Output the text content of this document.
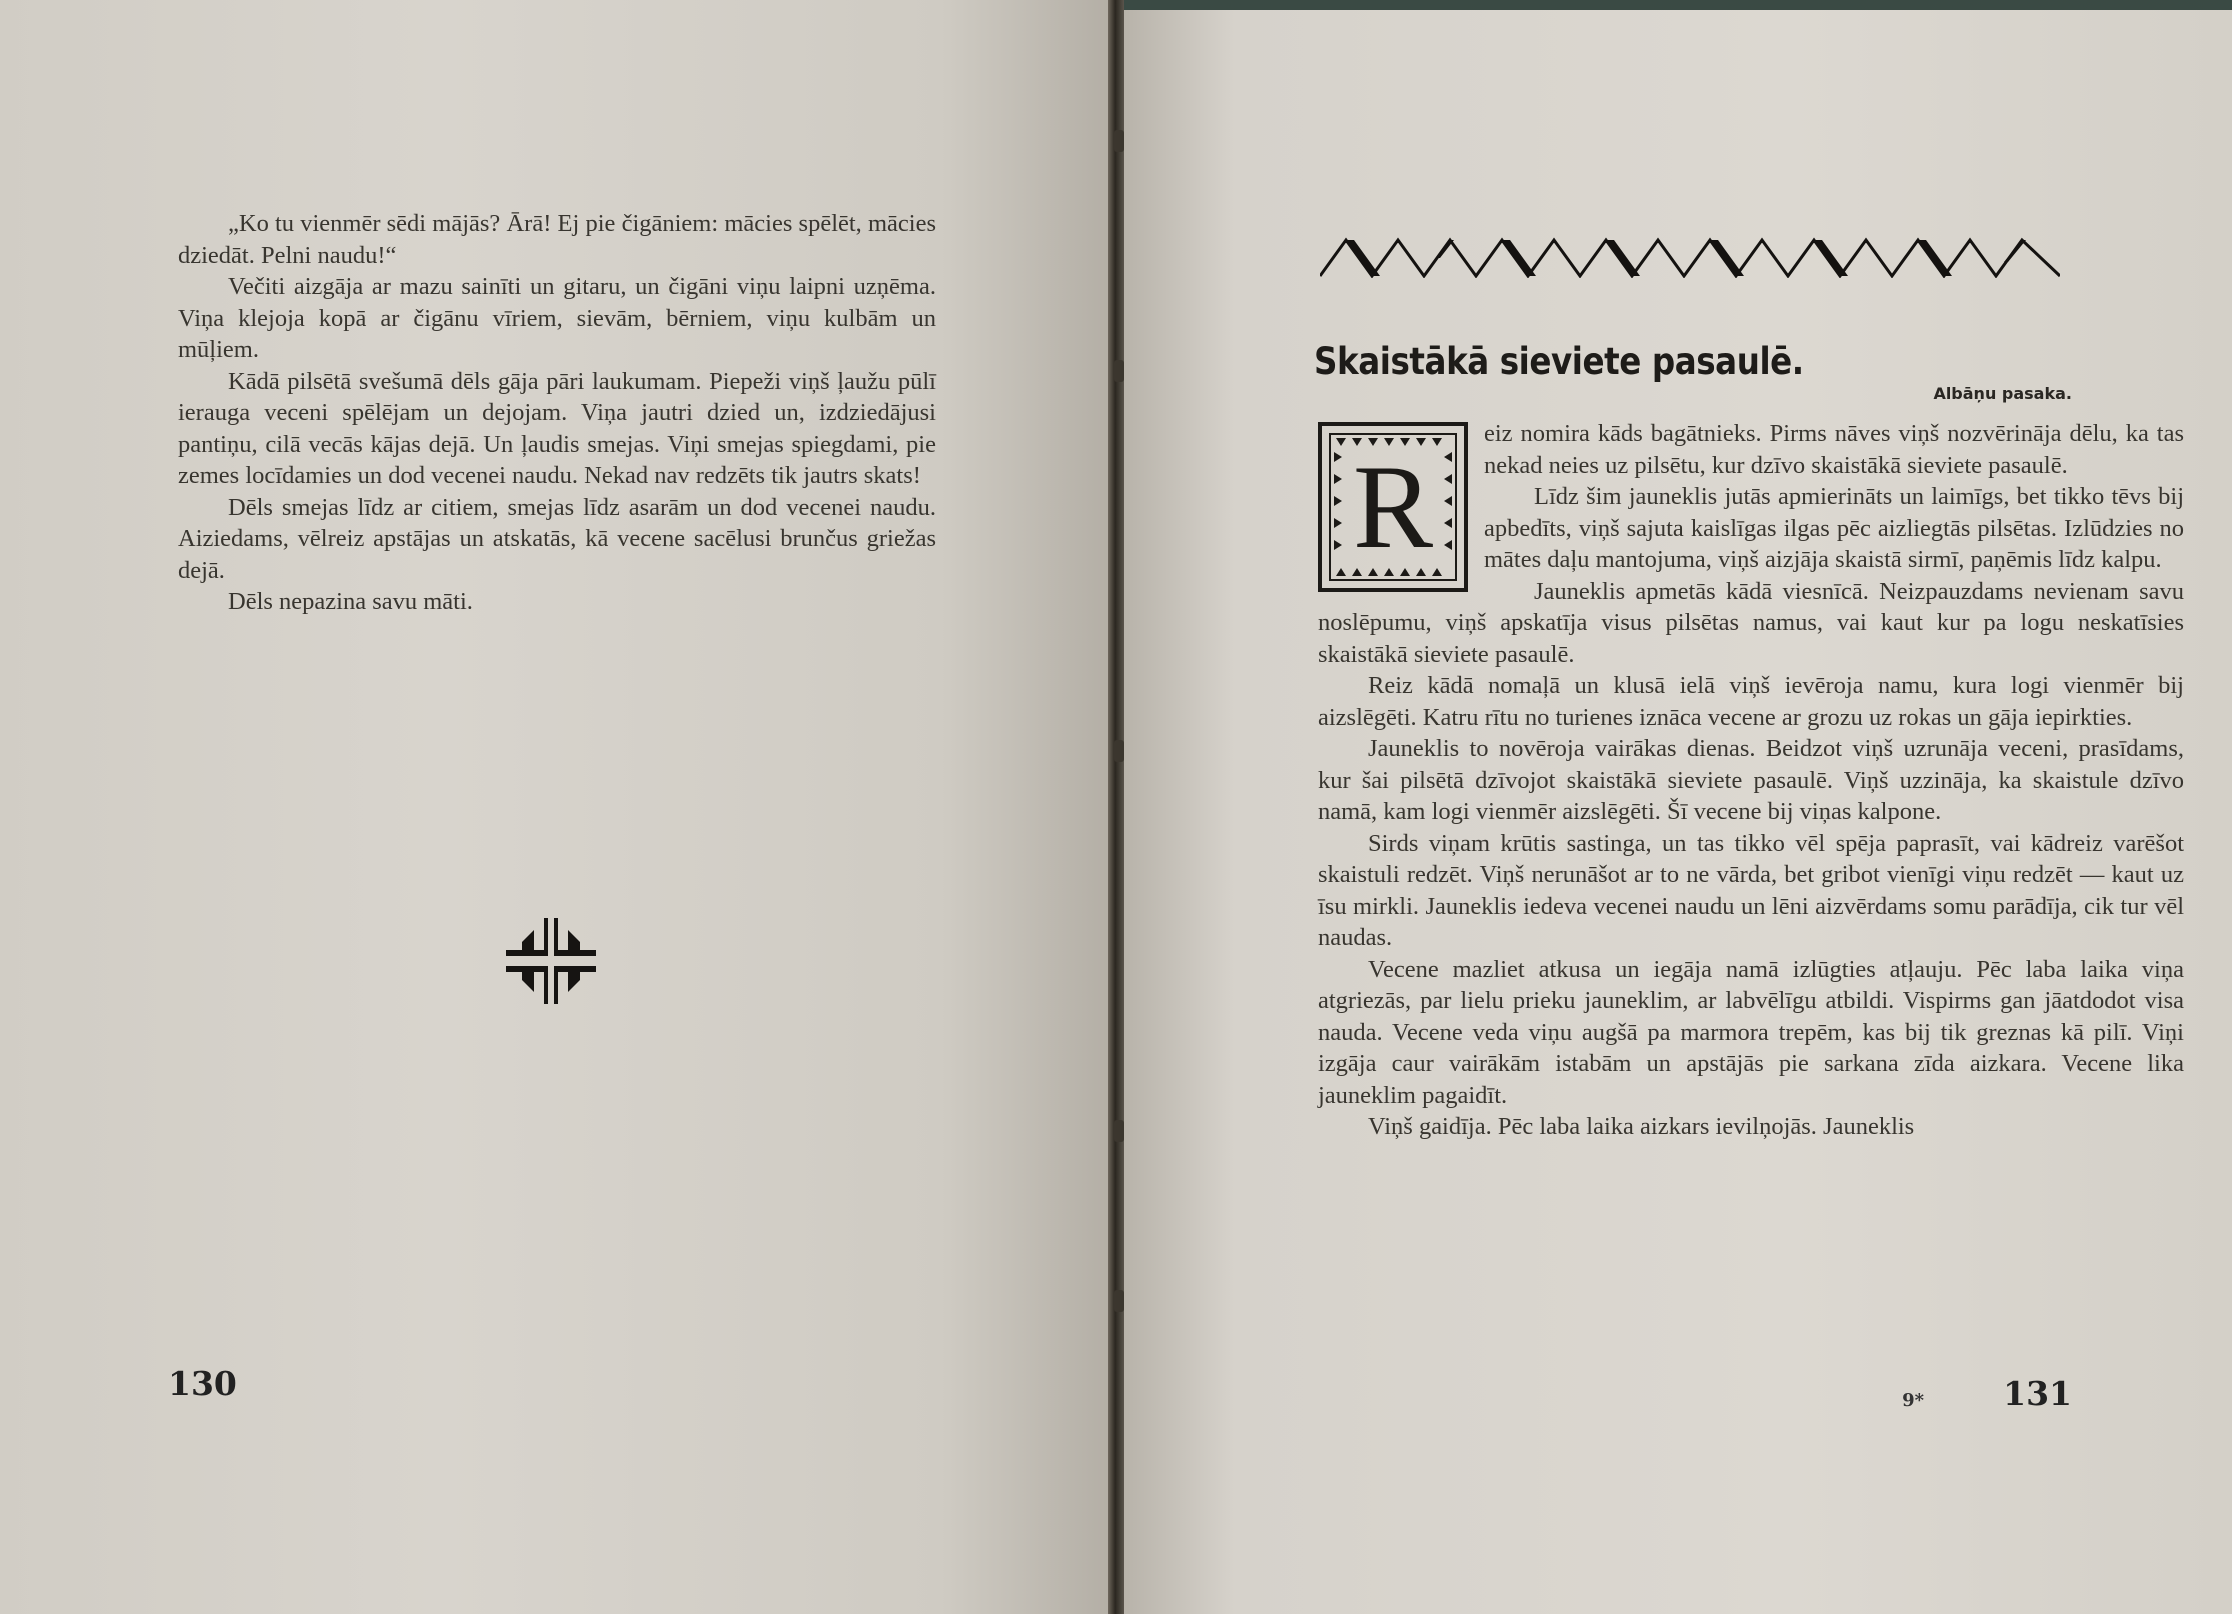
„Ko tu vienmēr sēdi mājās? Ārā! Ej pie čigāniem: mācies spēlēt, mācies dziedāt. Pelni naudu!“

Večiti aizgāja ar mazu sainīti un gitaru, un čigāni viņu laipni uzņēma. Viņa klejoja kopā ar čigānu vīriem, sievām, bērniem, viņu kulbām un mūļiem.

Kādā pilsētā svešumā dēls gāja pāri laukumam. Piepeži viņš ļaužu pūlī ierauga veceni spēlējam un dejojam. Viņa jautri dzied un, izdziedājusi pantiņu, cilā vecās kājas dejā. Un ļaudis smejas. Viņi smejas spiegdami, pie zemes locīdamies un dod vecenei naudu. Nekad nav redzēts tik jautrs skats!

Dēls smejas līdz ar citiem, smejas līdz asarām un dod vecenei naudu. Aiziedams, vēlreiz apstājas un atskatās, kā vecene sacēlusi brunčus griežas dejā.

Dēls nepazina savu māti.

130
Skaistākā sieviete pasaulē.
Albāņu pasaka.
R

eiz nomira kāds bagātnieks. Pirms nāves viņš nozvērināja dēlu, ka tas nekad neies uz pilsētu, kur dzīvo skaistākā sieviete pasaulē.

Līdz šim jauneklis jutās apmierināts un laimīgs, bet tikko tēvs bij apbedīts, viņš sajuta kaislīgas ilgas pēc aizliegtās pilsētas. Izlūdzies no mātes daļu mantojuma, viņš aizjāja skaistā sirmī, paņēmis līdz kalpu.

Jauneklis apmetās kādā viesnīcā. Neizpauzdams nevienam savu noslēpumu, viņš apskatīja visus pilsētas namus, vai kaut kur pa logu neskatīsies skaistākā sieviete pasaulē.

Reiz kādā nomaļā un klusā ielā viņš ievēroja namu, kura logi vienmēr bij aizslēgēti. Katru rītu no turienes iznāca vecene ar grozu uz rokas un gāja iepirkties.

Jauneklis to novēroja vairākas dienas. Beidzot viņš uzrunāja veceni, prasīdams, kur šai pilsētā dzīvojot skaistākā sieviete pasaulē. Viņš uzzināja, ka skaistule dzīvo namā, kam logi vienmēr aizslēgēti. Šī vecene bij viņas kalpone.

Sirds viņam krūtis sastinga, un tas tikko vēl spēja paprasīt, vai kādreiz varēšot skaistuli redzēt. Viņš nerunāšot ar to ne vārda, bet gribot vienīgi viņu redzēt — kaut uz īsu mirkli. Jauneklis iedeva vecenei naudu un lēni aizvērdams somu parādīja, cik tur vēl naudas.

Vecene mazliet atkusa un iegāja namā izlūgties atļauju. Pēc laba laika viņa atgriezās, par lielu prieku jauneklim, ar labvēlīgu atbildi. Vispirms gan jāatdodot visa nauda. Vecene veda viņu augšā pa marmora trepēm, kas bij tik greznas kā pilī. Viņi izgāja caur vairākām istabām un apstājās pie sarkana zīda aizkara. Vecene lika jauneklim pagaidīt.

Viņš gaidīja. Pēc laba laika aizkars ievilņojās. Jauneklis

9* 131
